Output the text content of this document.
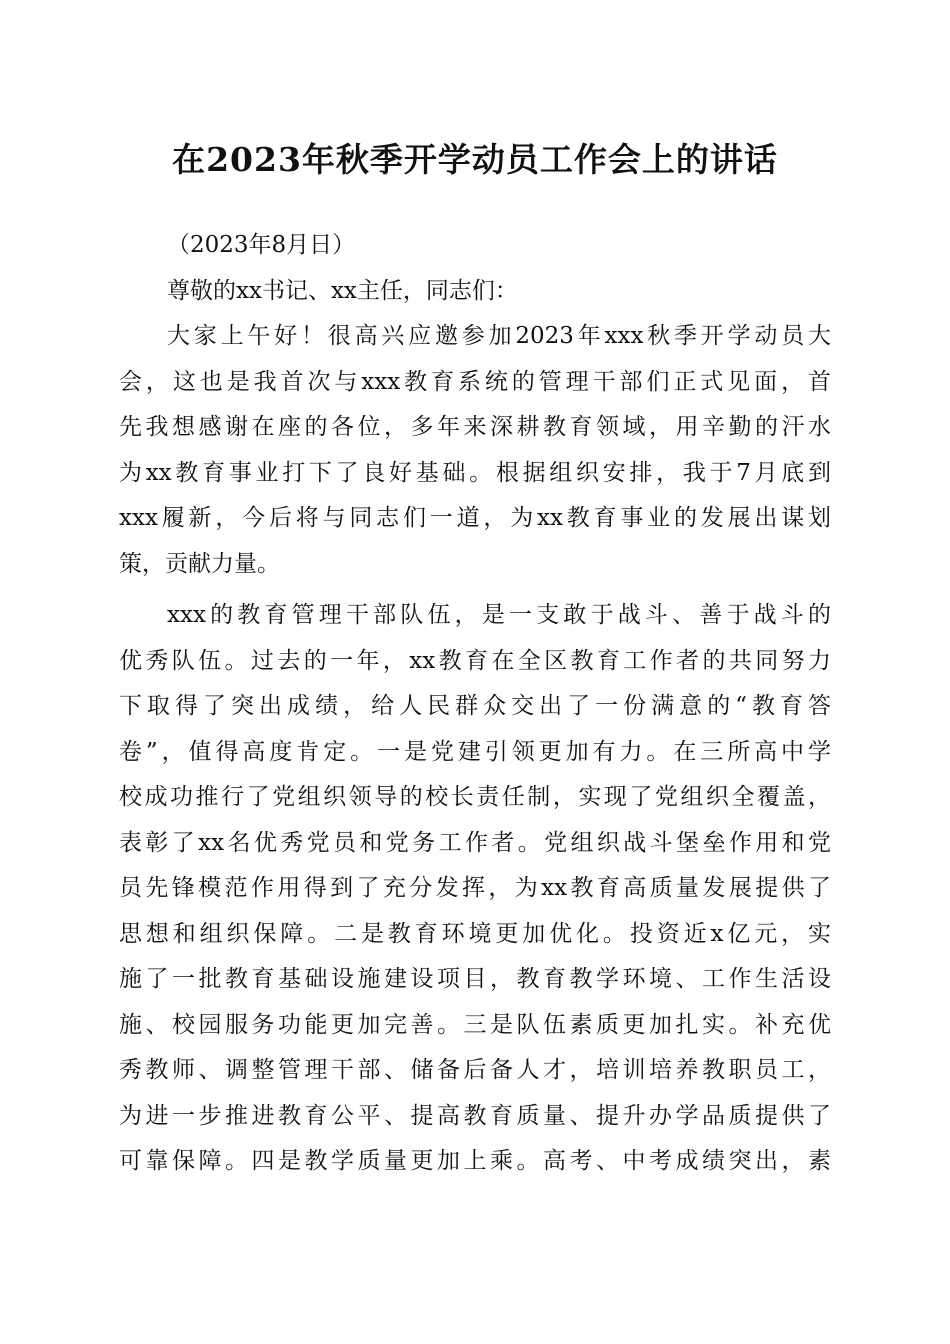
在2023年秋季开学动员工作会上的讲话
（2023年8月日）
尊敬的xx书记、xx主任，同志们：
大家上午好！很高兴应邀参加2023年xxx秋季开学动员大
会，这也是我首次与xxx教育系统的管理干部们正式见面，首
先我想感谢在座的各位，多年来深耕教育领域，用辛勤的汗水
为xx教育事业打下了良好基础。根据组织安排，我于7月底到
xxx履新，今后将与同志们一道，为xx教育事业的发展出谋划
策，贡献力量。
xxx的教育管理干部队伍，是一支敢于战斗、善于战斗的
优秀队伍。过去的一年，xx教育在全区教育工作者的共同努力
下取得了突出成绩，给人民群众交出了一份满意的“教育答
卷”，值得高度肯定。一是党建引领更加有力。在三所高中学
校成功推行了党组织领导的校长责任制，实现了党组织全覆盖，
表彰了xx名优秀党员和党务工作者。党组织战斗堡垒作用和党
员先锋模范作用得到了充分发挥，为xx教育高质量发展提供了
思想和组织保障。二是教育环境更加优化。投资近x亿元，实
施了一批教育基础设施建设项目，教育教学环境、工作生活设
施、校园服务功能更加完善。三是队伍素质更加扎实。补充优
秀教师、调整管理干部、储备后备人才，培训培养教职员工，
为进一步推进教育公平、提高教育质量、提升办学品质提供了
可靠保障。四是教学质量更加上乘。高考、中考成绩突出，素
